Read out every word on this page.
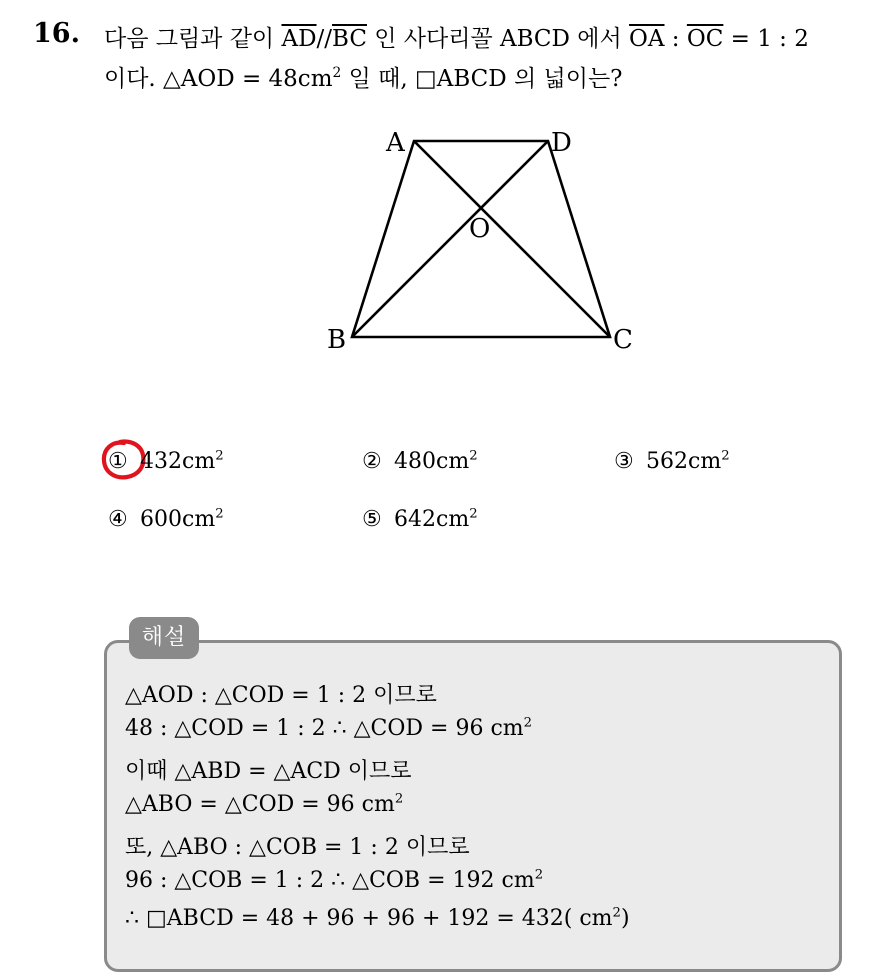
16. 다음 그림과 같이 $\overline{AD}//\overline{BC}$ 인 사다리꼴 ABCD 에서 $\overline{OA}$ : $\overline{OC} = 1$ : 2
이다. △AOD = $48cm^2$ 일 때, □ABCD 의 넓이는?
A	D
B	C
O
① $432cm^2$	② $480cm^2$	③ $562cm^2$
④ $600cm^2$	⑤ $642cm^2$
해설
△AOD : △COD = 1 : 2 이므로
48 : △COD = 1 : 2 ∴ △COD = 96 $cm^2$
이때 △ABD = △ACD 이므로
△ABO = △COD = 96 $cm^2$
또, △ABO : △COB = 1 : 2 이므로
96 : △COB = 1 : 2 ∴ △COB = 192 $cm^2$
∴ □ABCD = 48 + 96 + 96 + 192 = 432( $cm^2$)
